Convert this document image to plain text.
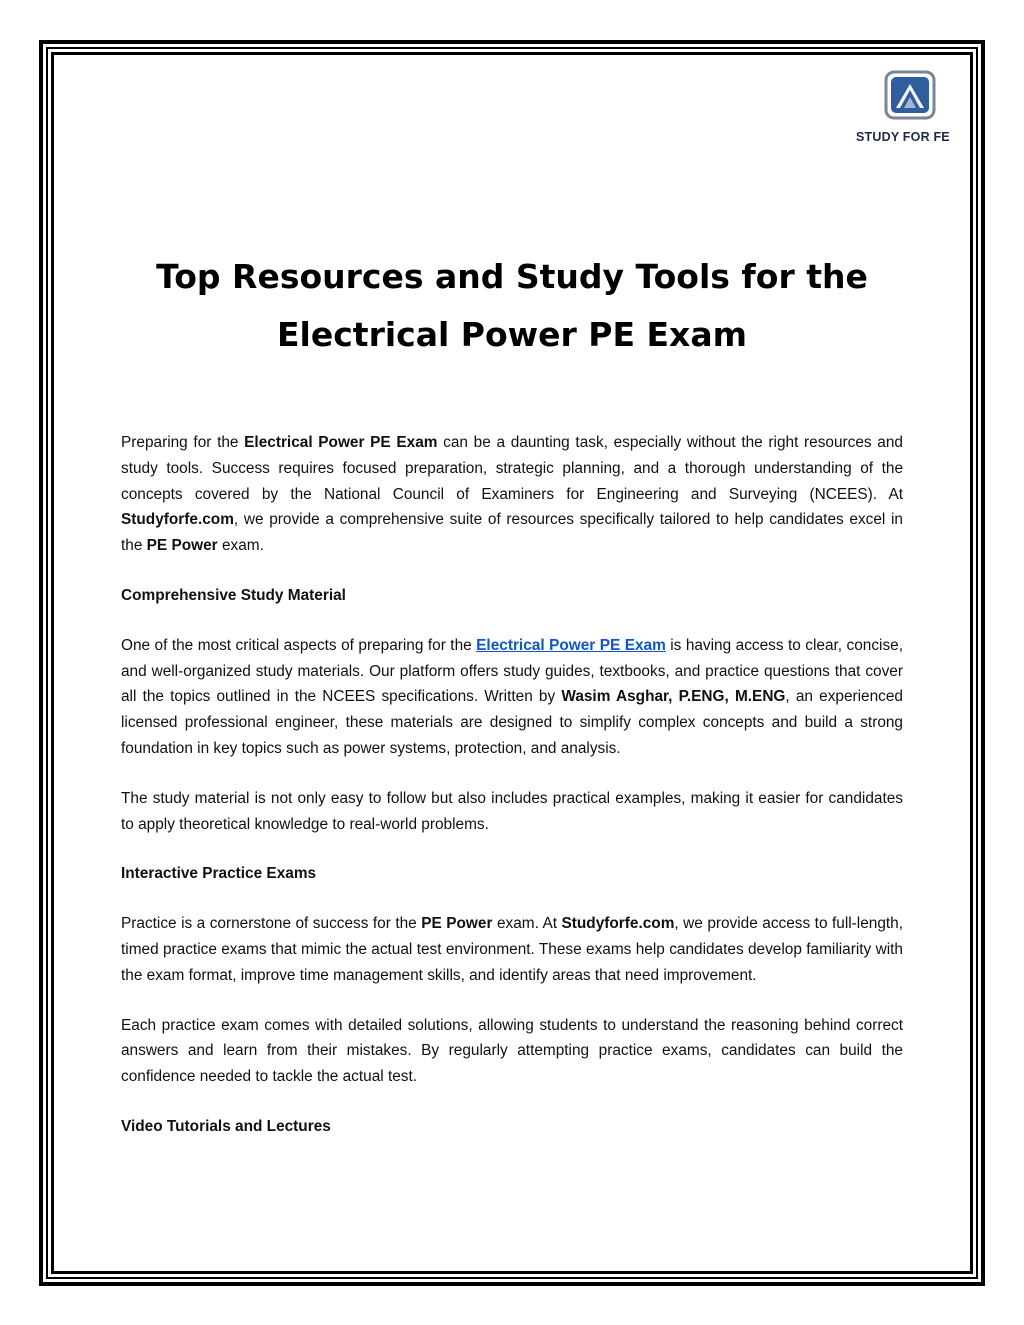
STUDY FOR FE
Top Resources and Study Tools for the
Electrical Power PE Exam

Preparing for the Electrical Power PE Exam can be a daunting task, especially without the right resources and study tools. Success requires focused preparation, strategic planning, and a thorough understanding of the concepts covered by the National Council of Examiners for Engineering and Surveying (NCEES). At Studyforfe.com, we provide a comprehensive suite of resources specifically tailored to help candidates excel in the PE Power exam.

Comprehensive Study Material

One of the most critical aspects of preparing for the Electrical Power PE Exam is having access to clear, concise, and well-organized study materials. Our platform offers study guides, textbooks, and practice questions that cover all the topics outlined in the NCEES specifications. Written by Wasim Asghar, P.ENG, M.ENG, an experienced licensed professional engineer, these materials are designed to simplify complex concepts and build a strong foundation in key topics such as power systems, protection, and analysis.

The study material is not only easy to follow but also includes practical examples, making it easier for candidates to apply theoretical knowledge to real-world problems.

Interactive Practice Exams

Practice is a cornerstone of success for the PE Power exam. At Studyforfe.com, we provide access to full-length, timed practice exams that mimic the actual test environment. These exams help candidates develop familiarity with the exam format, improve time management skills, and identify areas that need improvement.

Each practice exam comes with detailed solutions, allowing students to understand the reasoning behind correct answers and learn from their mistakes. By regularly attempting practice exams, candidates can build the confidence needed to tackle the actual test.

Video Tutorials and Lectures
